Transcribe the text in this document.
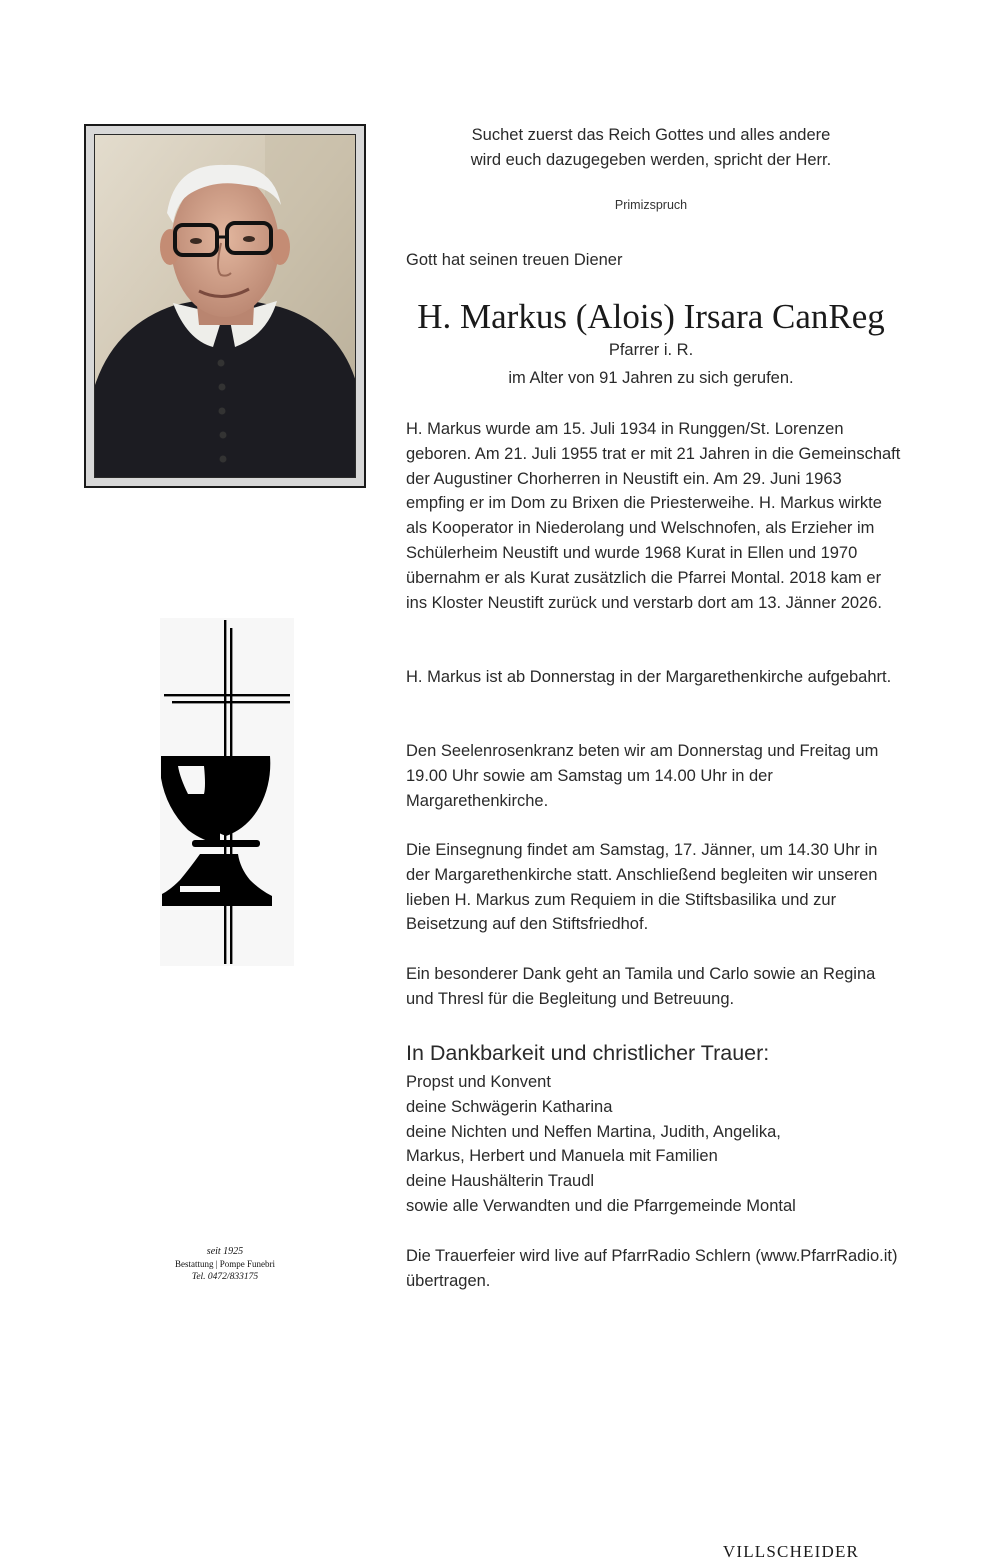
Suchet zuerst das Reich Gottes und alles andere
wird euch dazugegeben werden, spricht der Herr.
Primizspruch
Gott hat seinen treuen Diener
H. Markus (Alois) Irsara CanReg
Pfarrer i. R.
im Alter von 91 Jahren zu sich gerufen.

H. Markus wurde am 15. Juli 1934 in Runggen/St. Lorenzen geboren. Am 21. Juli 1955 trat er mit 21 Jahren in die Gemeinschaft der Augustiner Chorherren in Neustift ein. Am 29. Juni 1963 empfing er im Dom zu Brixen die Priesterweihe. H. Markus wirkte als Kooperator in Niederolang und Welschnofen, als Erzieher im Schülerheim Neustift und wurde 1968 Kurat in Ellen und 1970 übernahm er als Kurat zusätzlich die Pfarrei Montal. 2018 kam er ins Kloster Neustift zurück und verstarb dort am 13. Jänner 2026.

H. Markus ist ab Donnerstag in der Margarethenkirche aufgebahrt.

Den Seelenrosenkranz beten wir am Donnerstag und Freitag um 19.00 Uhr sowie am Samstag um 14.00 Uhr in der Margarethenkirche.

Die Einsegnung findet am Samstag, 17. Jänner, um 14.30 Uhr in der Margarethenkirche statt. Anschließend begleiten wir unseren lieben H. Markus zum Requiem in die Stiftsbasilika und zur Beisetzung auf den Stiftsfriedhof.

Ein besonderer Dank geht an Tamila und Carlo sowie an Regina und Thresl für die Begleitung und Betreuung.

In Dankbarkeit und christlicher Trauer:
Propst und Konvent
deine Schwägerin Katharina
deine Nichten und Neffen Martina, Judith, Angelika,
Markus, Herbert und Manuela mit Familien
deine Haushälterin Traudl
sowie alle Verwandten und die Pfarrgemeinde Montal

Die Trauerfeier wird live auf PfarrRadio Schlern (www.PfarrRadio.it) übertragen.

seit 1925
VILLSCHEIDER
Bestattung | Pompe Funebri
Tel. 0472/833175
